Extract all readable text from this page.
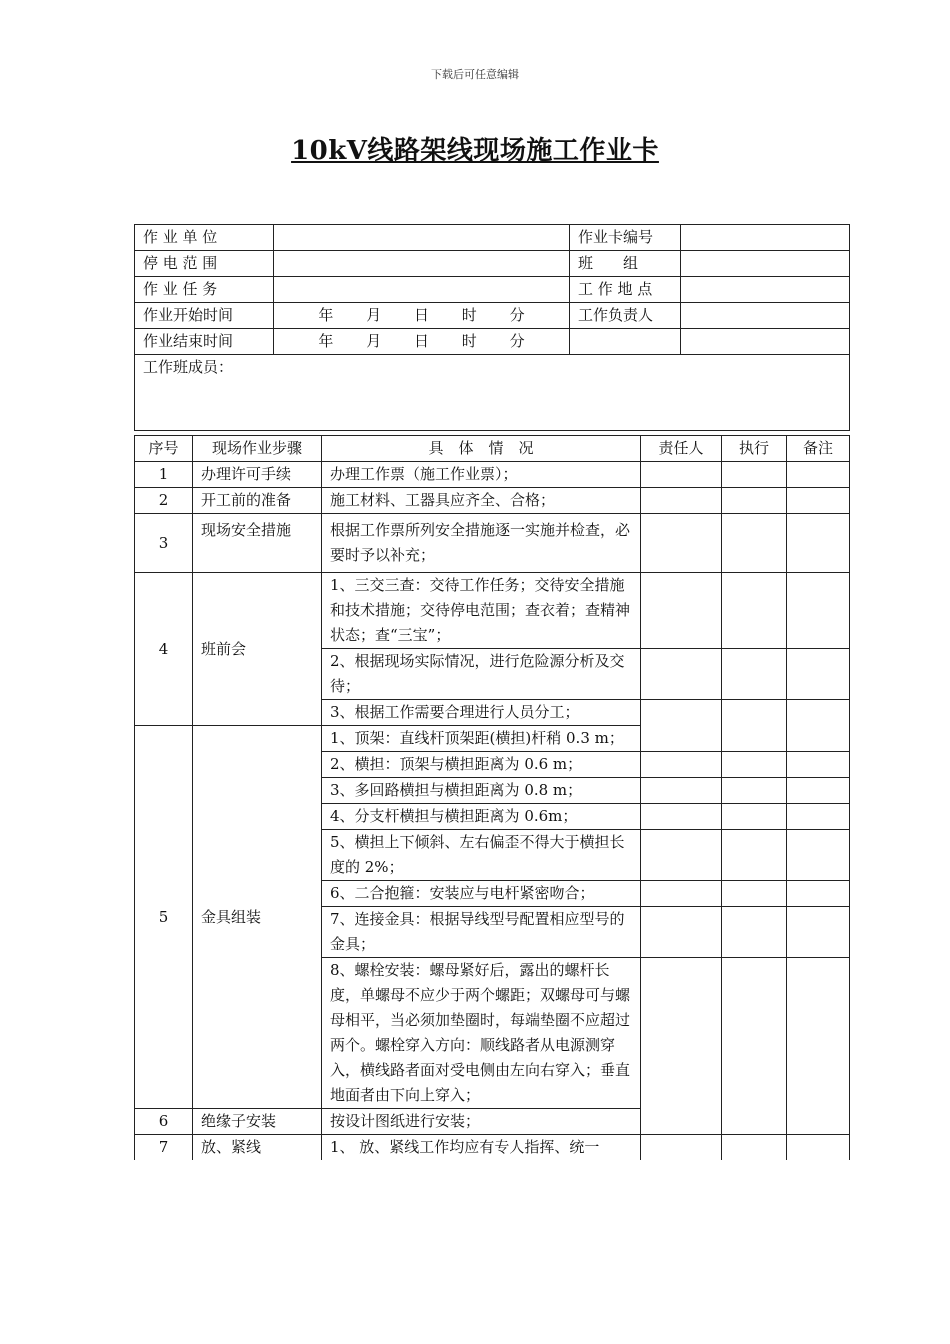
下载后可任意编辑
10kV线路架线现场施工作业卡
作 业 单 位		作业卡编号	
停 电 范 围		班　　组	
作 业 任 务		工 作 地 点	
作业开始时间	年 月 日 时 分	工作负责人	
作业结束时间	年 月 日 时 分		

工作班成员：			
序号	现场作业步骤	具　体　情　况	责任人	执行	备注
1	办理许可手续	办理工作票（施工作业票）；			
2	开工前的准备	施工材料、工器具应齐全、合格；			
3	现场安全措施	根据工作票所列安全措施逐一实施并检查，必要时予以补充；			
4	班前会	1、三交三查：交待工作任务；交待安全措施和技术措施；交待停电范围；查衣着；查精神状态；查“三宝”；			
		2、根据现场实际情况，进行危险源分析及交待；			
		3、根据工作需要合理进行人员分工；			
5	金具组装	1、顶架：直线杆顶架距(横担)杆稍 0.3 m；			
		2、横担：顶架与横担距离为 0.6 m；			
		3、多回路横担与横担距离为 0.8 m；			
		4、分支杆横担与横担距离为 0.6m；			
		5、横担上下倾斜、左右偏歪不得大于横担长度的 2%；			
		6、二合抱箍：安装应与电杆紧密吻合；			
		7、连接金具：根据导线型号配置相应型号的金具；			
		8、螺栓安装：螺母紧好后，露出的螺杆长度，单螺母不应少于两个螺距；双螺母可与螺母相平，当必须加垫圈时，每端垫圈不应超过两个。螺栓穿入方向：顺线路者从电源测穿入，横线路者面对受电侧由左向右穿入；垂直地面者由下向上穿入；			
6	绝缘子安装	按设计图纸进行安装；			
7	放、紧线	1、 放、紧线工作均应有专人指挥、统一			
